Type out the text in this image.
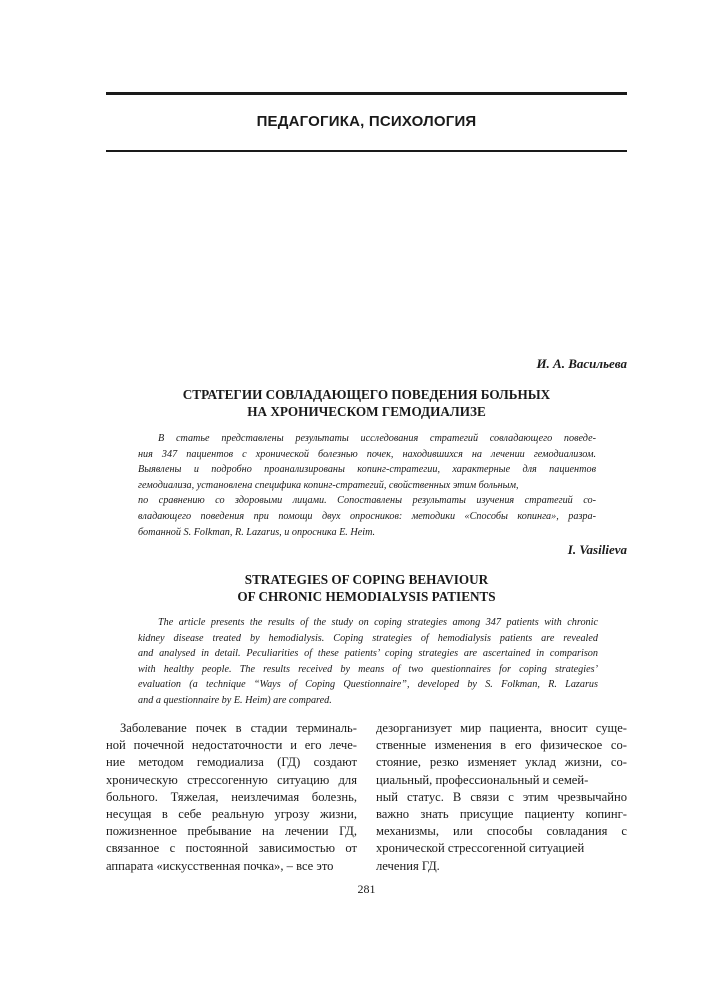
ПЕДАГОГИКА, ПСИХОЛОГИЯ
И. А. Васильева
СТРАТЕГИИ СОВЛАДАЮЩЕГО ПОВЕДЕНИЯ БОЛЬНЫХ
НА ХРОНИЧЕСКОМ ГЕМОДИАЛИЗЕ
В статье представлены результаты исследования стратегий совладающего поведе-
ния 347 пациентов с хронической болезнью почек, находившихся на лечении гемодиализом.
Выявлены и подробно проанализированы копинг-стратегии, характерные для пациентов
гемодиализа, установлена специфика копинг-стратегий, свойственных этим больным,
по сравнению со здоровыми лицами. Сопоставлены результаты изучения стратегий со-
владающего поведения при помощи двух опросников: методики «Способы копинга», разра-
ботанной S. Folkman, R. Lazarus, и опросника E. Heim.
I. Vasilieva
STRATEGIES OF COPING BEHAVIOUR
OF CHRONIC HEMODIALYSIS PATIENTS
The article presents the results of the study on coping strategies among 347 patients with chronic
kidney disease treated by hemodialysis. Coping strategies of hemodialysis patients are revealed
and analysed in detail. Peculiarities of these patients’ coping strategies are ascertained in comparison
with healthy people. The results received by means of two questionnaires for coping strategies’
evaluation (a technique “Ways of Coping Questionnaire”, developed by S. Folkman, R. Lazarus
and a questionnaire by E. Heim) are compared.
Заболевание почек в стадии терминаль-
ной почечной недостаточности и его лече-
ние методом гемодиализа (ГД) создают
хроническую стрессогенную ситуацию для
больного. Тяжелая, неизлечимая болезнь,
несущая в себе реальную угрозу жизни,
пожизненное пребывание на лечении ГД,
связанное с постоянной зависимостью от
аппарата «искусственная почка», – все это
дезорганизует мир пациента, вносит суще-
ственные изменения в его физическое со-
стояние, резко изменяет уклад жизни, со-
циальный, профессиональный и семей-
ный статус. В связи с этим чрезвычайно
важно знать присущие пациенту копинг-
механизмы, или способы совладания с
хронической стрессогенной ситуацией
лечения ГД.
281
